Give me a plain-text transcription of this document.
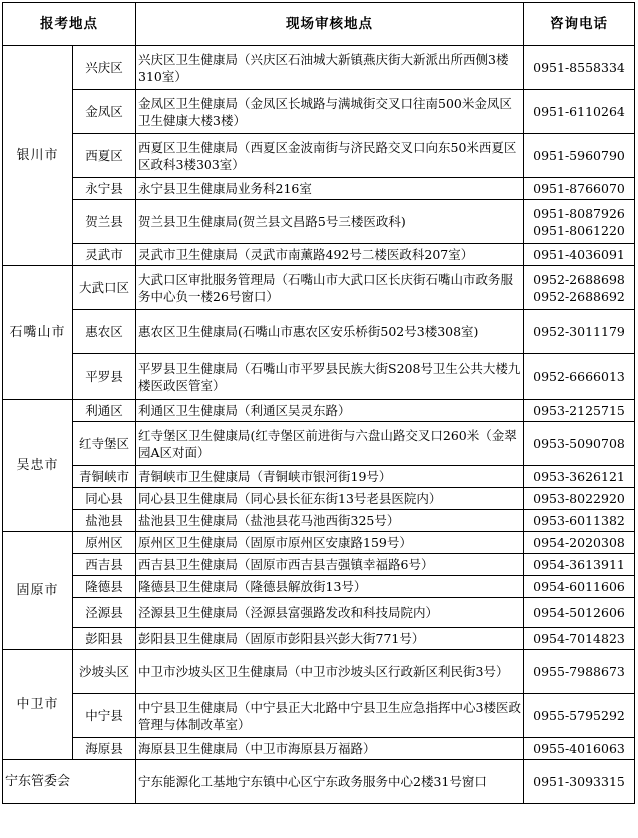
报考地点		现场审核地点	咨询电话
银川市	兴庆区	兴庆区卫生健康局（兴庆区石油城大新镇燕庆街大新派出所西侧3楼310室）	0951-8558334

	金凤区	金凤区卫生健康局（金凤区长城路与满城街交叉口往南500米金凤区卫生健康大楼3楼）	0951-6110264

	西夏区	西夏区卫生健康局（西夏区金波南街与济民路交叉口向东50米西夏区区政科3楼303室）	0951-5960790

	永宁县	永宁县卫生健康局业务科216室	0951-8766070

	贺兰县	贺兰县卫生健康局(贺兰县文昌路5号三楼医政科)	0951-8087926
0951-8061220

	灵武市	灵武市卫生健康局（灵武市南薰路492号二楼医政科207室）	0951-4036091

石嘴山市	大武口区	大武口区审批服务管理局（石嘴山市大武口区长庆街石嘴山市政务服务中心负一楼26号窗口）	0952-2688698
0952-2688692

	惠农区	惠农区卫生健康局(石嘴山市惠农区安乐桥街502号3楼308室)	0952-3011179

	平罗县	平罗县卫生健康局（石嘴山市平罗县民族大街S208号卫生公共大楼九楼医政医管室）	0952-6666013

吴忠市	利通区	利通区卫生健康局（利通区吴灵东路）	0953-2125715

	红寺堡区	红寺堡区卫生健康局(红寺堡区前进街与六盘山路交叉口260米（金翠园A区对面）	0953-5090708

	青铜峡市	青铜峡市卫生健康局（青铜峡市银河街19号）	0953-3626121

	同心县	同心县卫生健康局（同心县长征东街13号老县医院内）	0953-8022920

	盐池县	盐池县卫生健康局（盐池县花马池西街325号）	0953-6011382

固原市	原州区	原州区卫生健康局（固原市原州区安康路159号）	0954-2020308

	西吉县	西吉县卫生健康局（固原市西吉县吉强镇幸福路6号）	0954-3613911

	隆德县	隆德县卫生健康局（隆德县解放街13号）	0954-6011606

	泾源县	泾源县卫生健康局（泾源县富强路发改和科技局院内）	0954-5012606

	彭阳县	彭阳县卫生健康局（固原市彭阳县兴彭大街771号）	0954-7014823

中卫市	沙坡头区	中卫市沙坡头区卫生健康局（中卫市沙坡头区行政新区利民街3号）	0955-7988673

	中宁县	中宁县卫生健康局（中宁县正大北路中宁县卫生应急指挥中心3楼医政管理与体制改革室）	0955-5795292

	海原县	海原县卫生健康局（中卫市海原县万福路）	0955-4016063

宁东管委会		宁东能源化工基地宁东镇中心区宁东政务服务中心2楼31号窗口	0951-3093315
